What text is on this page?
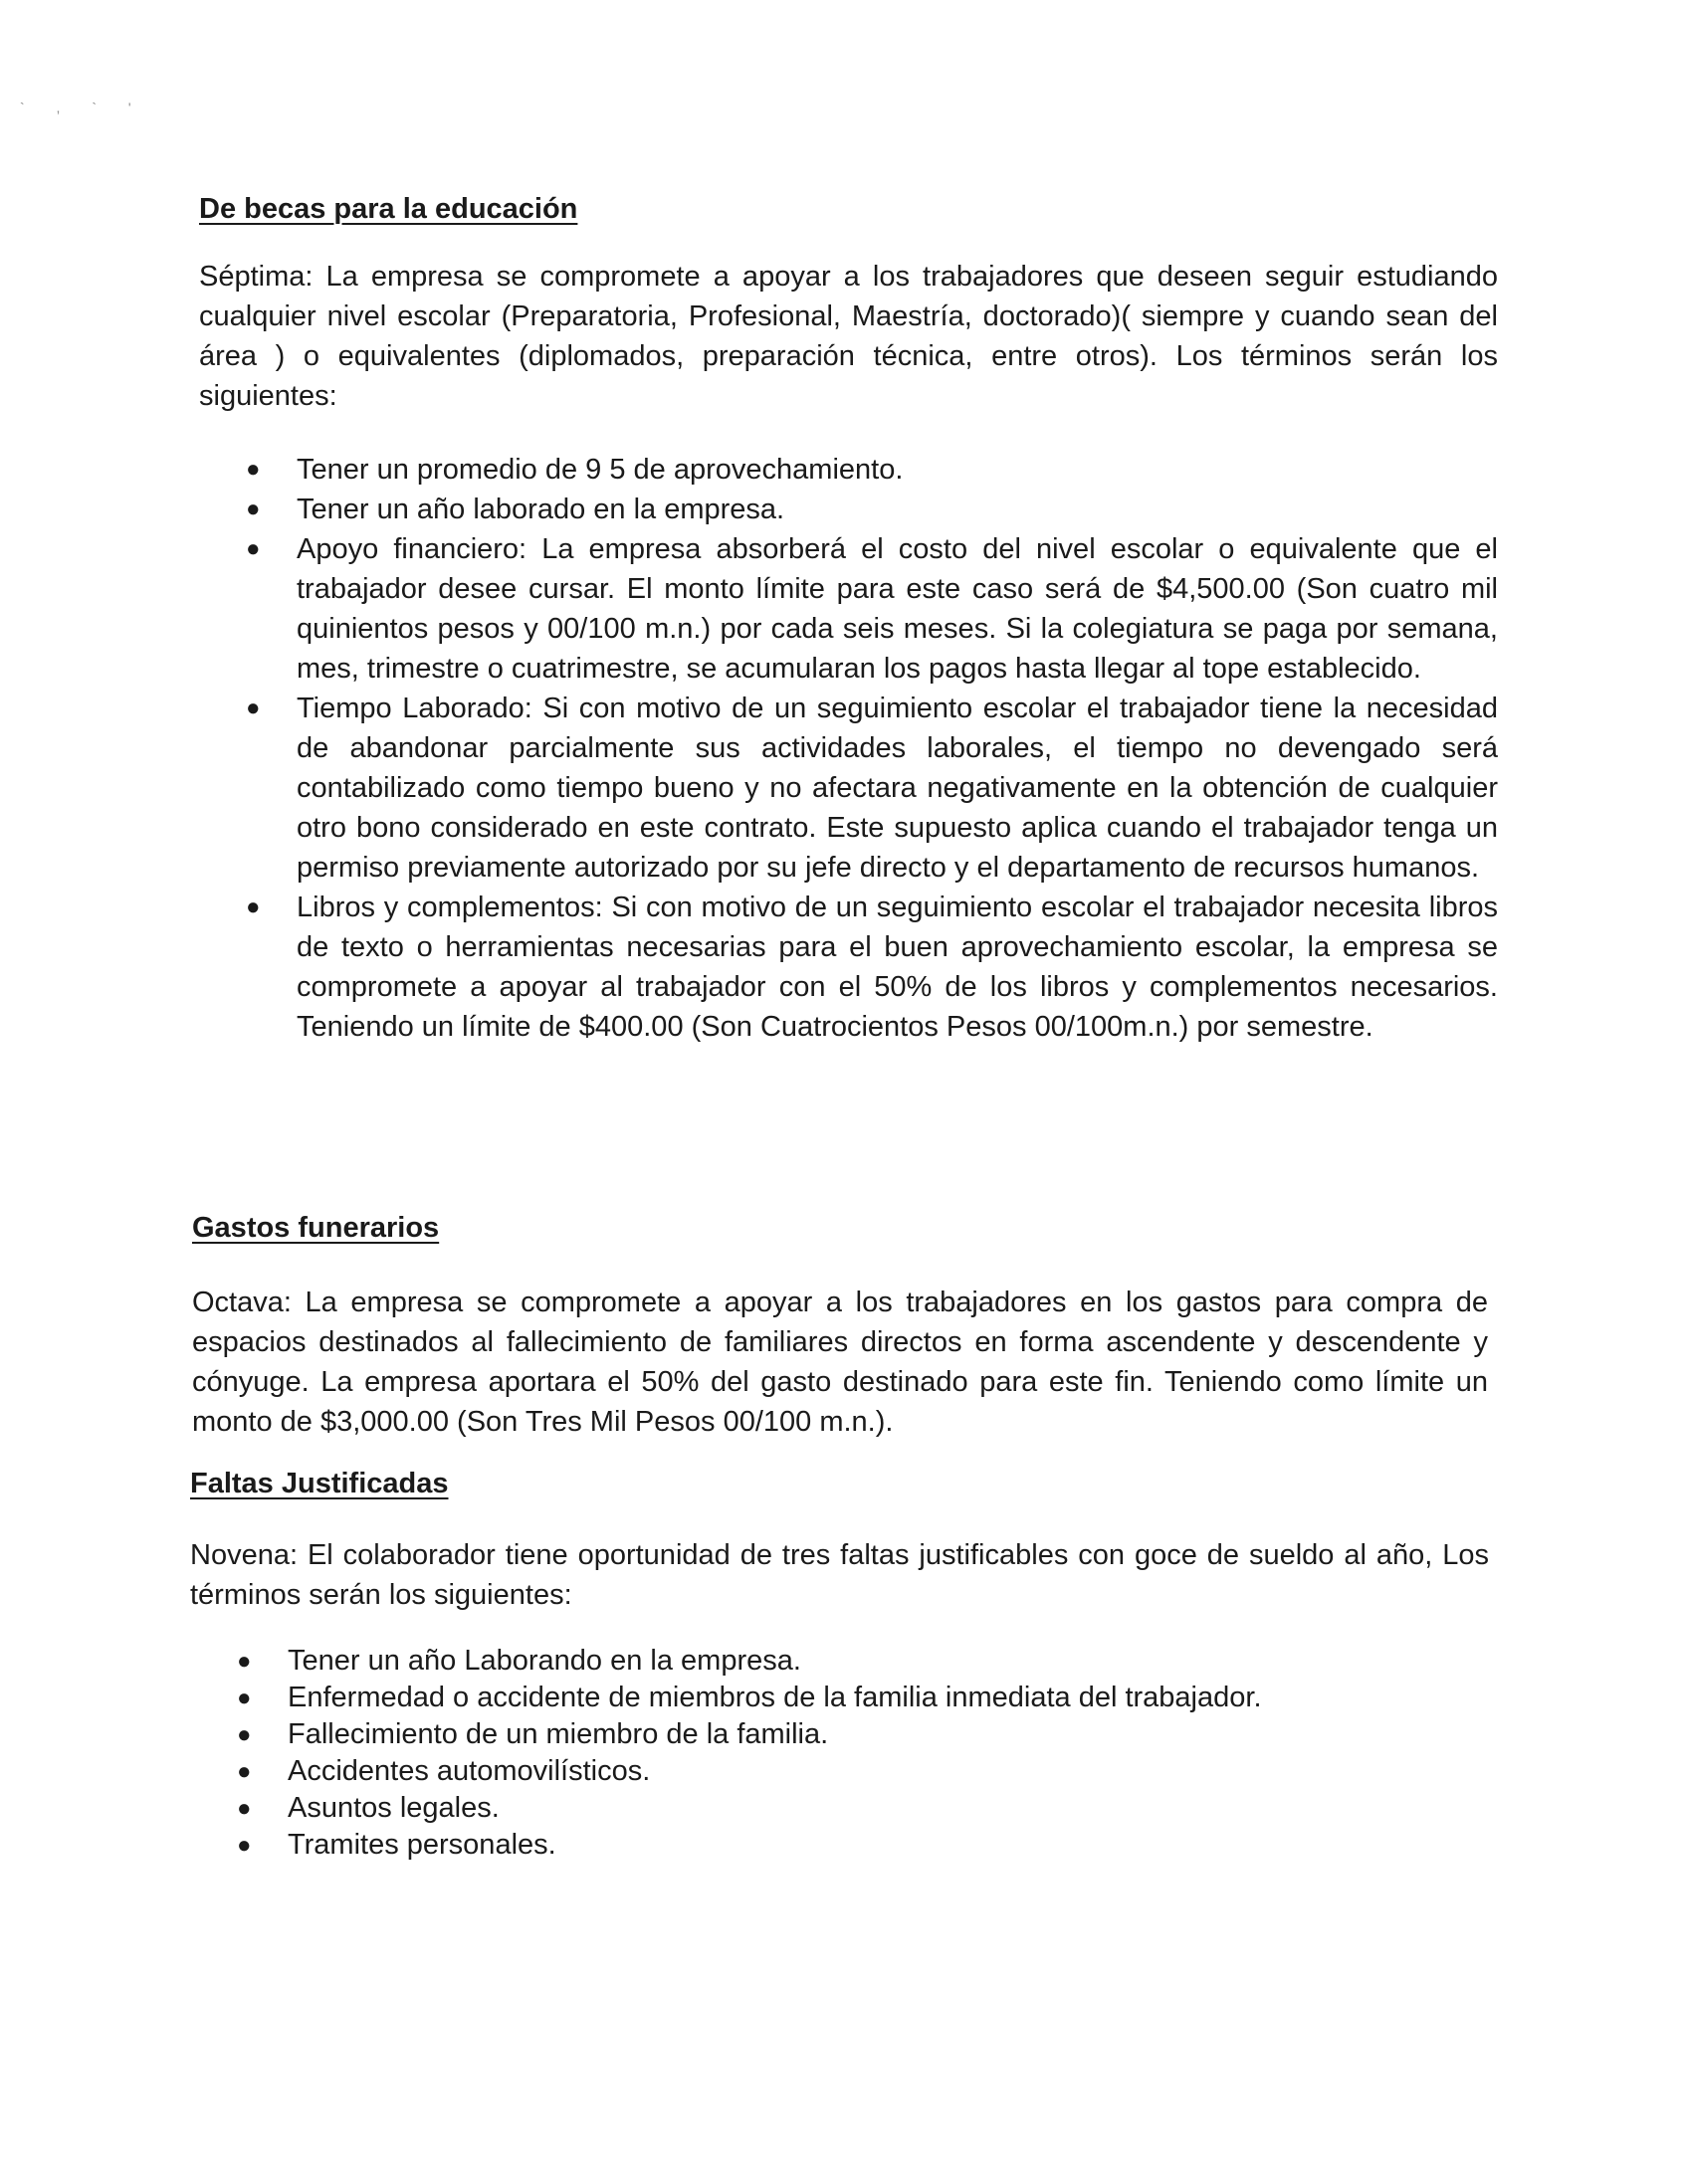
` , ` '
De becas para la educación

Séptima: La empresa se compromete a apoyar a los trabajadores que deseen seguir estudiando cualquier nivel escolar (Preparatoria, Profesional, Maestría, doctorado)( siempre y cuando sean del área ) o equivalentes (diplomados, preparación técnica, entre otros). Los términos serán los siguientes:

● Tener un promedio de 9 5 de aprovechamiento.
● Tener un año laborado en la empresa.
● Apoyo financiero: La empresa absorberá el costo del nivel escolar o equivalente que el trabajador desee cursar. El monto límite para este caso será de $4,500.00 (Son cuatro mil quinientos pesos y 00/100 m.n.) por cada seis meses. Si la colegiatura se paga por semana, mes, trimestre o cuatrimestre, se acumularan los pagos hasta llegar al tope establecido.
● Tiempo Laborado: Si con motivo de un seguimiento escolar el trabajador tiene la necesidad de abandonar parcialmente sus actividades laborales, el tiempo no devengado será contabilizado como tiempo bueno y no afectara negativamente en la obtención de cualquier otro bono considerado en este contrato. Este supuesto aplica cuando el trabajador tenga un permiso previamente autorizado por su jefe directo y el departamento de recursos humanos.
● Libros y complementos: Si con motivo de un seguimiento escolar el trabajador necesita libros de texto o herramientas necesarias para el buen aprovechamiento escolar, la empresa se compromete a apoyar al trabajador con el 50% de los libros y complementos necesarios. Teniendo un límite de $400.00 (Son Cuatrocientos Pesos 00/100m.n.) por semestre.
Gastos funerarios

Octava: La empresa se compromete a apoyar a los trabajadores en los gastos para compra de espacios destinados al fallecimiento de familiares directos en forma ascendente y descendente y cónyuge. La empresa aportara el 50% del gasto destinado para este fin. Teniendo como límite un monto de $3,000.00 (Son Tres Mil Pesos 00/100 m.n.).

Faltas Justificadas

Novena: El colaborador tiene oportunidad de tres faltas justificables con goce de sueldo al año, Los términos serán los siguientes:

● Tener un año Laborando en la empresa.
● Enfermedad o accidente de miembros de la familia inmediata del trabajador.
● Fallecimiento de un miembro de la familia.
● Accidentes automovilísticos.
● Asuntos legales.
● Tramites personales.
